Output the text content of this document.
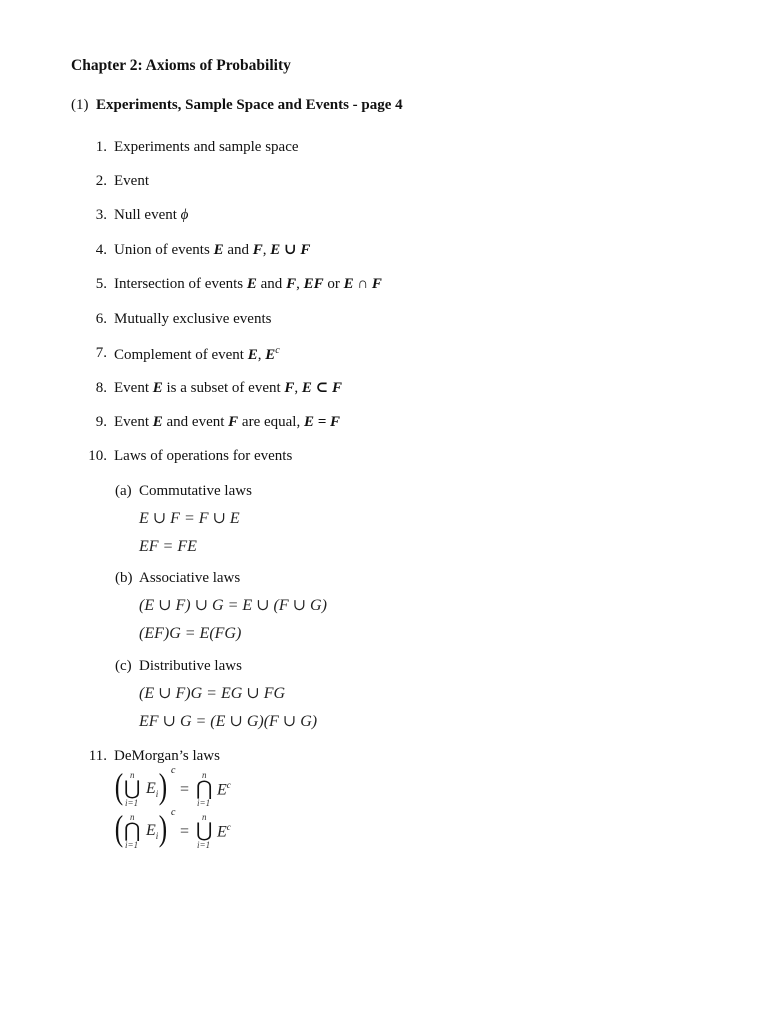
Chapter 2: Axioms of Probability
(1) Experiments, Sample Space and Events - page 4
1. Experiments and sample space
2. Event
3. Null event ϕ
4. Union of events E and F, E ∪ F
5. Intersection of events E and F, EF or E ∩ F
6. Mutually exclusive events
7. Complement of event E, $E^c$
8. Event E is a subset of event F, E ⊂ F
9. Event E and event F are equal, E = F
10. Laws of operations for events
(a) Commutative laws
E ∪ F = F ∪ E
EF = FE
(b) Associative laws
(E ∪ F) ∪ G = E ∪ (F ∪ G)
(EF)G = E(FG)
(c) Distributive laws
(E ∪ F)G = EG ∪ FG
EF ∪ G = (E ∪ G)(F ∪ G)
11. DeMorgan’s laws
( n
⋃
i=1
$E_i$ ) c
=
n
⋂
i=1
$E^c$
( n
⋂
i=1
$E_i$ ) c
=
n
⋃
i=1
$E^c$
